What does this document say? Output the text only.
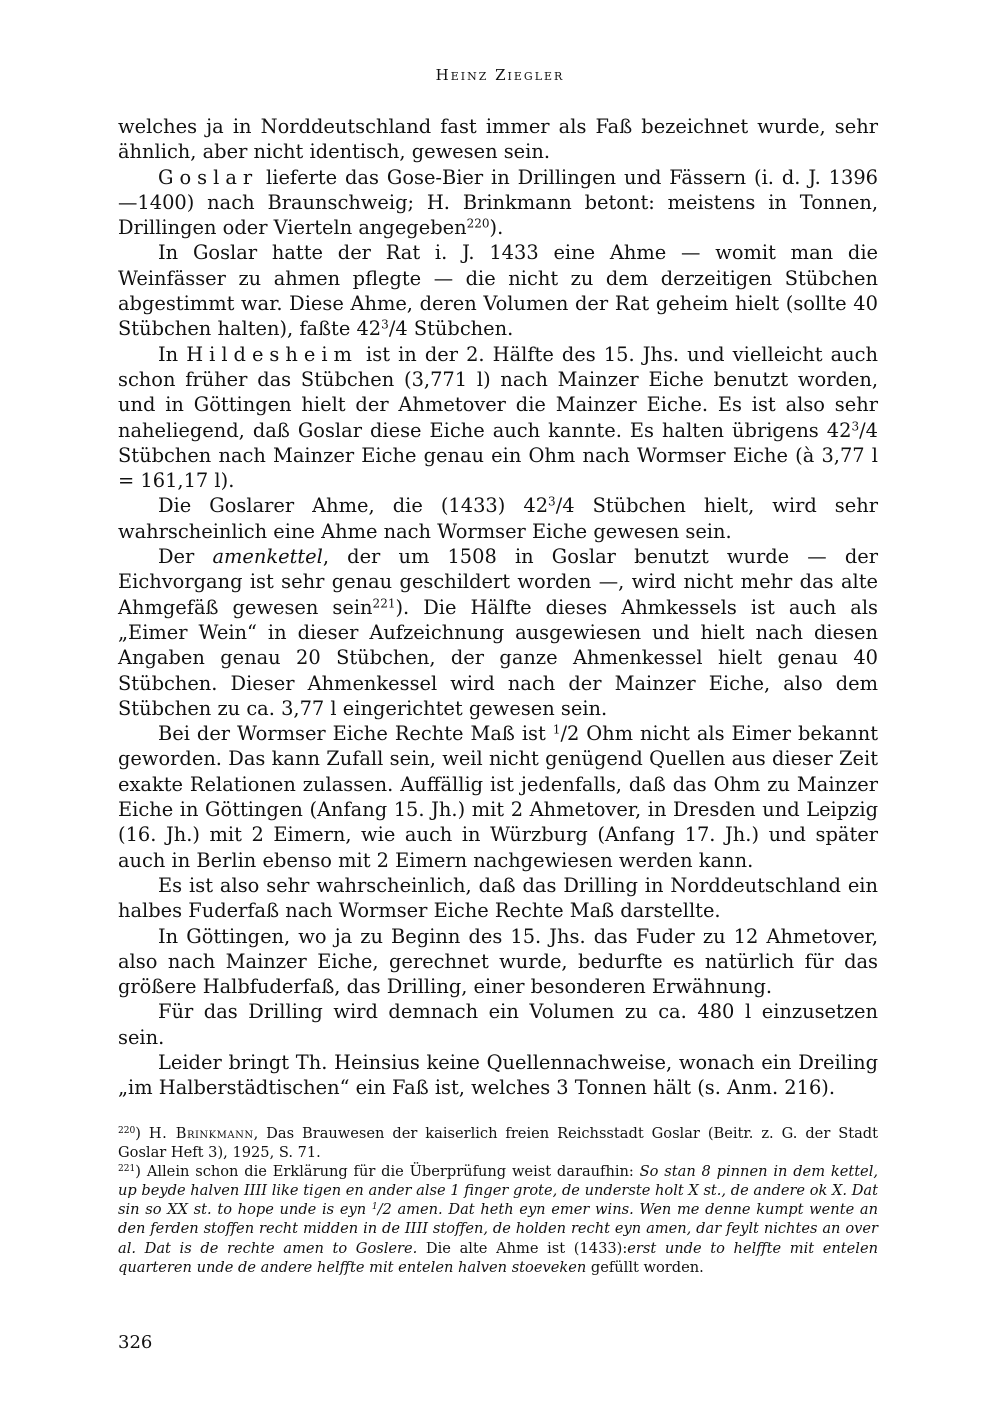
Heinz Ziegler

welches ja in Norddeutschland fast immer als Faß bezeichnet wurde, sehr ähnlich, aber nicht identisch, gewesen sein.

Goslar lieferte das Gose-Bier in Drillingen und Fässern (i. d. J. 1396—1400) nach Braunschweig; H. Brinkmann betont: meistens in Tonnen, Drillingen oder Vierteln angegeben$^{220}$).

In Goslar hatte der Rat i. J. 1433 eine Ahme — womit man die Weinfässer zu ahmen pflegte — die nicht zu dem derzeitigen Stübchen abgestimmt war. Diese Ahme, deren Volumen der Rat geheim hielt (sollte 40 Stübchen halten), faßte $42^3/4$ Stübchen.

In Hildesheim ist in der 2. Hälfte des 15. Jhs. und vielleicht auch schon früher das Stübchen (3,771 l) nach Mainzer Eiche benutzt worden, und in Göttingen hielt der Ahmetover die Mainzer Eiche. Es ist also sehr naheliegend, daß Goslar diese Eiche auch kannte. Es halten übrigens $42^3/4$ Stübchen nach Mainzer Eiche genau ein Ohm nach Wormser Eiche (à 3,77 l = 161,17 l).

Die Goslarer Ahme, die (1433) $42^3/4$ Stübchen hielt, wird sehr wahrscheinlich eine Ahme nach Wormser Eiche gewesen sein.

Der amenkettel, der um 1508 in Goslar benutzt wurde — der Eichvorgang ist sehr genau geschildert worden —, wird nicht mehr das alte Ahmgefäß gewesen sein$^{221}$). Die Hälfte dieses Ahmkessels ist auch als „Eimer Wein“ in dieser Aufzeichnung ausgewiesen und hielt nach diesen Angaben genau 20 Stübchen, der ganze Ahmenkessel hielt genau 40 Stübchen. Dieser Ahmenkessel wird nach der Mainzer Eiche, also dem Stübchen zu ca. 3,77 l eingerichtet gewesen sein.

Bei der Wormser Eiche Rechte Maß ist $^1$/2 Ohm nicht als Eimer bekannt geworden. Das kann Zufall sein, weil nicht genügend Quellen aus dieser Zeit exakte Relationen zulassen. Auffällig ist jedenfalls, daß das Ohm zu Mainzer Eiche in Göttingen (Anfang 15. Jh.) mit 2 Ahmetover, in Dresden und Leipzig (16. Jh.) mit 2 Eimern, wie auch in Würzburg (Anfang 17. Jh.) und später auch in Berlin ebenso mit 2 Eimern nachgewiesen werden kann.

Es ist also sehr wahrscheinlich, daß das Drilling in Norddeutschland ein halbes Fuderfaß nach Wormser Eiche Rechte Maß darstellte.

In Göttingen, wo ja zu Beginn des 15. Jhs. das Fuder zu 12 Ahmetover, also nach Mainzer Eiche, gerechnet wurde, bedurfte es natürlich für das größere Halbfuderfaß, das Drilling, einer besonderen Erwähnung.

Für das Drilling wird demnach ein Volumen zu ca. 480 l einzusetzen sein.

Leider bringt Th. Heinsius keine Quellennachweise, wonach ein Dreiling „im Halberstädtischen“ ein Faß ist, welches 3 Tonnen hält (s. Anm. 216).

$^{220}$) H. Brinkmann, Das Brauwesen der kaiserlich freien Reichsstadt Goslar (Beitr. z. G. der Stadt Goslar Heft 3), 1925, S. 71.

$^{221}$) Allein schon die Erklärung für die Überprüfung weist daraufhin: So stan 8 pinnen in dem kettel, up beyde halven IIII like tigen en ander alse 1 finger grote, de underste holt X st., de andere ok X. Dat sin so XX st. to hope unde is eyn $^1$/2 amen. Dat heth eyn emer wins. Wen me denne kumpt wente an den ferden stoffen recht midden in de IIII stoffen, de holden recht eyn amen, dar feylt nichtes an over al. Dat is de rechte amen to Goslere. Die alte Ahme ist (1433):erst unde to helffte mit entelen quarteren unde de andere helffte mit entelen halven stoeveken gefüllt worden.

326
